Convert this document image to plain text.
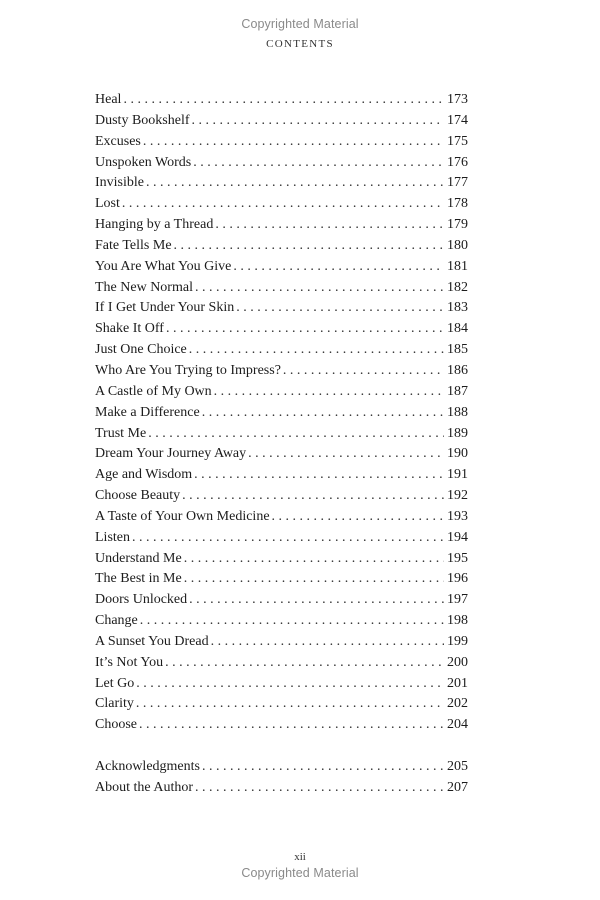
Copyrighted Material
CONTENTS
Heal . . .	173
Dusty Bookshelf . . .	174
Excuses . . .	175
Unspoken Words . . .	176
Invisible . . .	177
Lost . . .	178
Hanging by a Thread . . .	179
Fate Tells Me . . .	180
You Are What You Give . . .	181
The New Normal . . .	182
If I Get Under Your Skin . . .	183
Shake It Off . . .	184
Just One Choice . . .	185
Who Are You Trying to Impress? . . .	186
A Castle of My Own . . .	187
Make a Difference . . .	188
Trust Me . . .	189
Dream Your Journey Away . . .	190
Age and Wisdom . . .	191
Choose Beauty . . .	192
A Taste of Your Own Medicine . . .	193
Listen . . .	194
Understand Me . . .	195
The Best in Me . . .	196
Doors Unlocked . . .	197
Change . . .	198
A Sunset You Dread . . .	199
It’s Not You . . .	200
Let Go . . .	201
Clarity . . .	202
Choose . . .	204
Acknowledgments . . .	205
About the Author . . .	207
xii
Copyrighted Material
